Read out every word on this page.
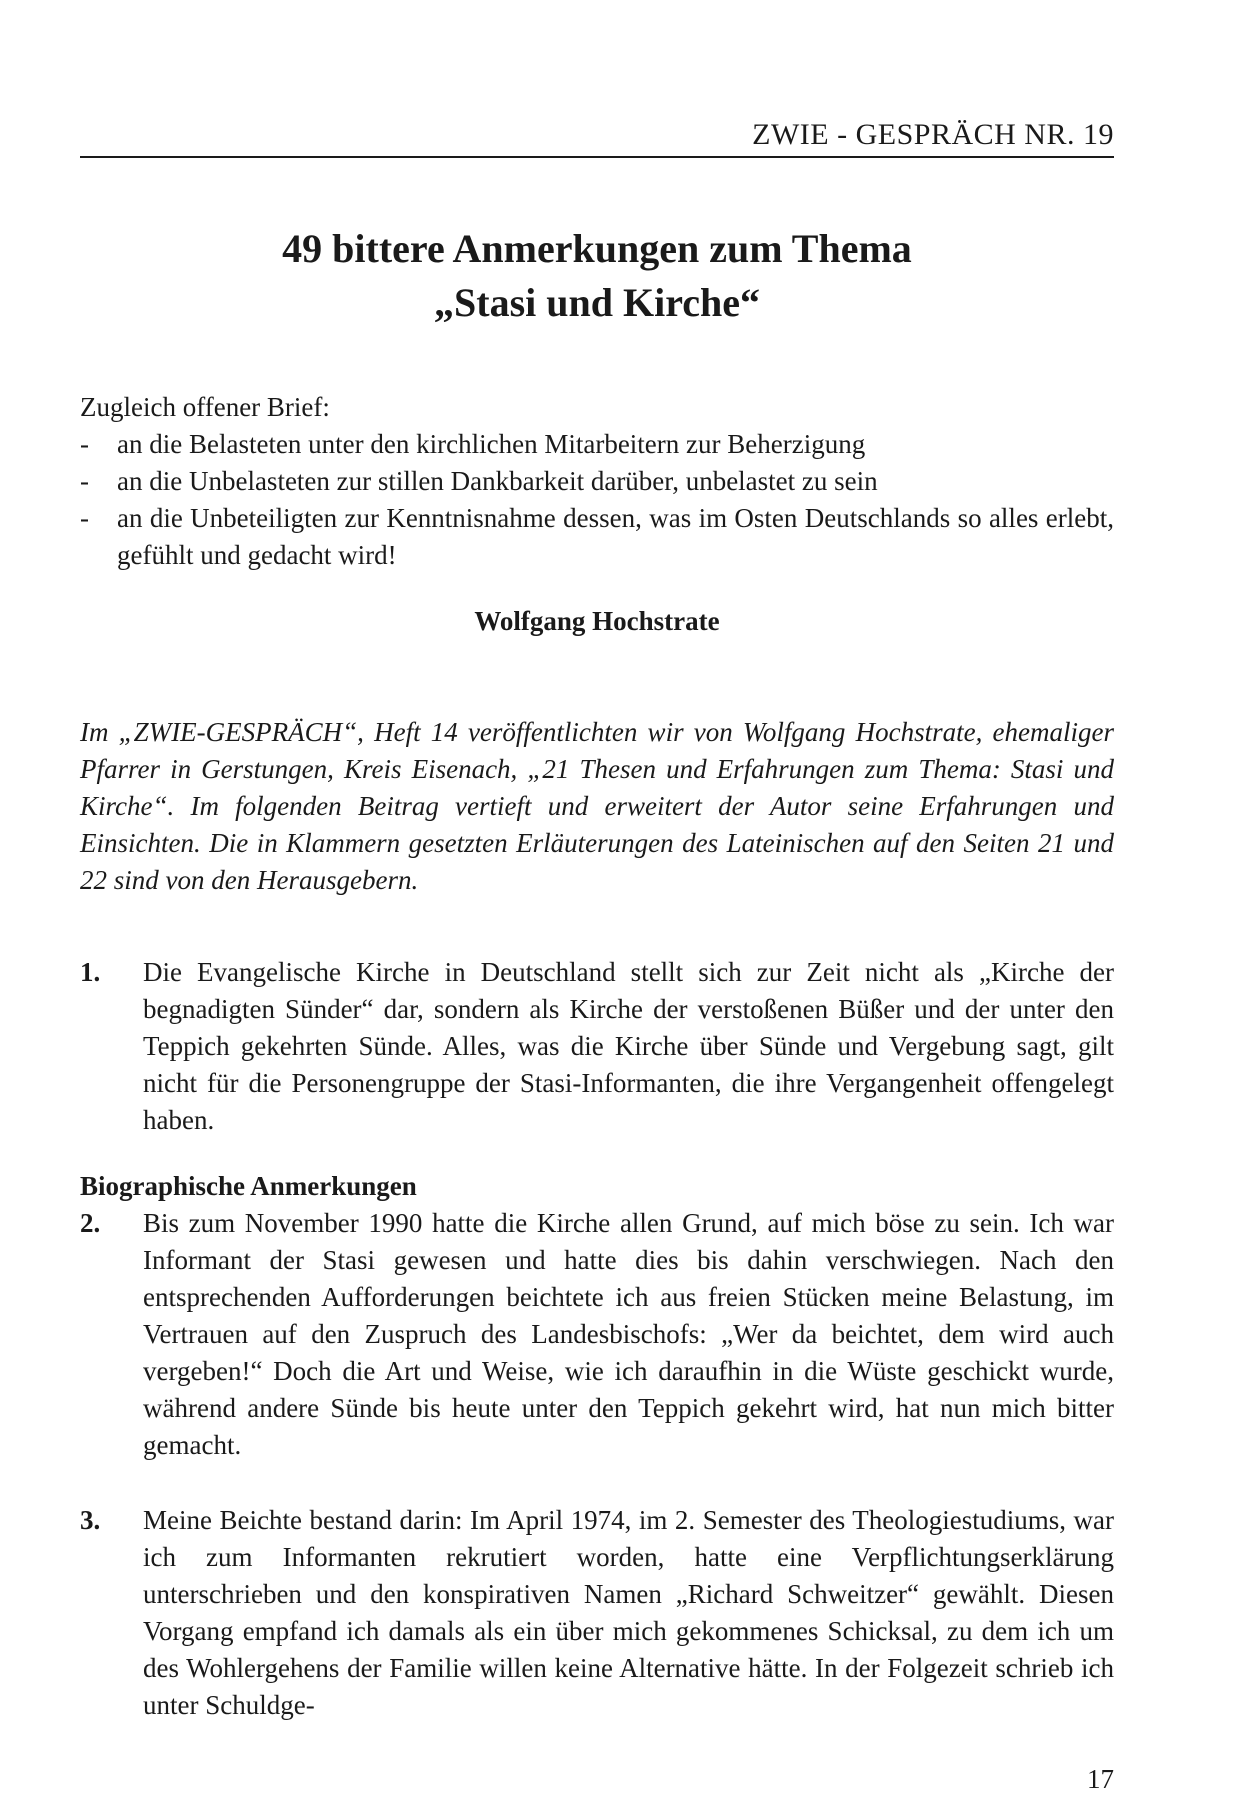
ZWIE - GESPRÄCH NR. 19
49 bittere Anmerkungen zum Thema
„Stasi und Kirche“
Zugleich offener Brief:
- an die Belasteten unter den kirchlichen Mitarbeitern zur Beherzigung
- an die Unbelasteten zur stillen Dankbarkeit darüber, unbelastet zu sein
- an die Unbeteiligten zur Kenntnisnahme dessen, was im Osten Deutschlands so alles erlebt, gefühlt und gedacht wird!
Wolfgang Hochstrate

Im „ZWIE-GESPRÄCH“, Heft 14 veröffentlichten wir von Wolfgang Hochstrate, ehemaliger Pfarrer in Gerstungen, Kreis Eisenach, „21 Thesen und Erfahrungen zum Thema: Stasi und Kirche“. Im folgenden Beitrag vertieft und erweitert der Autor seine Erfahrungen und Einsichten. Die in Klammern gesetzten Erläuterungen des Lateinischen auf den Seiten 21 und 22 sind von den Herausgebern.

1. Die Evangelische Kirche in Deutschland stellt sich zur Zeit nicht als „Kirche der begnadigten Sünder“ dar, sondern als Kirche der verstoßenen Büßer und der unter den Teppich gekehrten Sünde. Alles, was die Kirche über Sünde und Vergebung sagt, gilt nicht für die Personengruppe der Stasi-Informanten, die ihre Vergangenheit offengelegt haben.
Biographische Anmerkungen
2. Bis zum November 1990 hatte die Kirche allen Grund, auf mich böse zu sein. Ich war Informant der Stasi gewesen und hatte dies bis dahin verschwiegen. Nach den entsprechenden Aufforderungen beichtete ich aus freien Stücken meine Belastung, im Vertrauen auf den Zuspruch des Landesbischofs: „Wer da beichtet, dem wird auch vergeben!“ Doch die Art und Weise, wie ich daraufhin in die Wüste geschickt wurde, während andere Sünde bis heute unter den Teppich gekehrt wird, hat nun mich bitter gemacht.
3. Meine Beichte bestand darin: Im April 1974, im 2. Semester des Theologiestudiums, war ich zum Informanten rekrutiert worden, hatte eine Verpflichtungserklärung unterschrieben und den konspirativen Namen „Richard Schweitzer“ gewählt. Diesen Vorgang empfand ich damals als ein über mich gekommenes Schicksal, zu dem ich um des Wohlergehens der Familie willen keine Alternative hätte. In der Folgezeit schrieb ich unter Schuldge-
17
